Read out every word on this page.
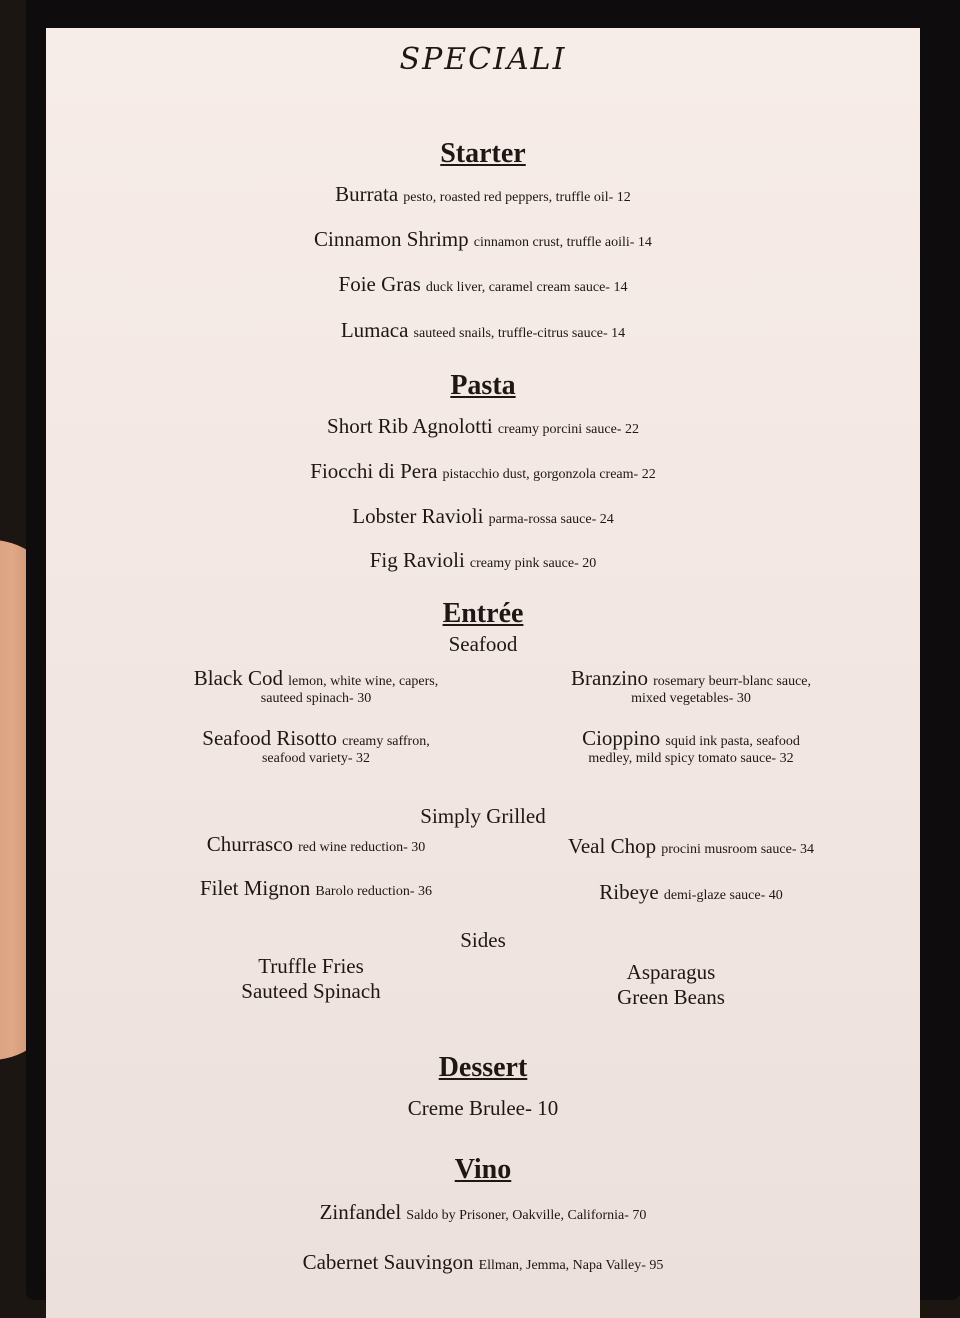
SPECIALI
Starter
Burrata pesto, roasted red peppers, truffle oil- 12
Cinnamon Shrimp cinnamon crust, truffle aoili- 14
Foie Gras duck liver, caramel cream sauce- 14
Lumaca sauteed snails, truffle-citrus sauce- 14
Pasta
Short Rib Agnolotti creamy porcini sauce- 22
Fiocchi di Pera pistacchio dust, gorgonzola cream- 22
Lobster Ravioli parma-rossa sauce- 24
Fig Ravioli creamy pink sauce- 20
Entrée
Seafood
Black Cod lemon, white wine, capers,
sauteed spinach- 30
Branzino rosemary beurr-blanc sauce,
mixed vegetables- 30
Seafood Risotto creamy saffron,
seafood variety- 32
Cioppino squid ink pasta, seafood
medley, mild spicy tomato sauce- 32
Simply Grilled
Churrasco red wine reduction- 30	Veal Chop procini musroom sauce- 34
Filet Mignon Barolo reduction- 36	Ribeye demi-glaze sauce- 40
Sides
Truffle Fries
Sauteed Spinach
Asparagus
Green Beans
Dessert
Creme Brulee- 10
Vino
Zinfandel Saldo by Prisoner, Oakville, California- 70
Cabernet Sauvingon Ellman, Jemma, Napa Valley- 95
